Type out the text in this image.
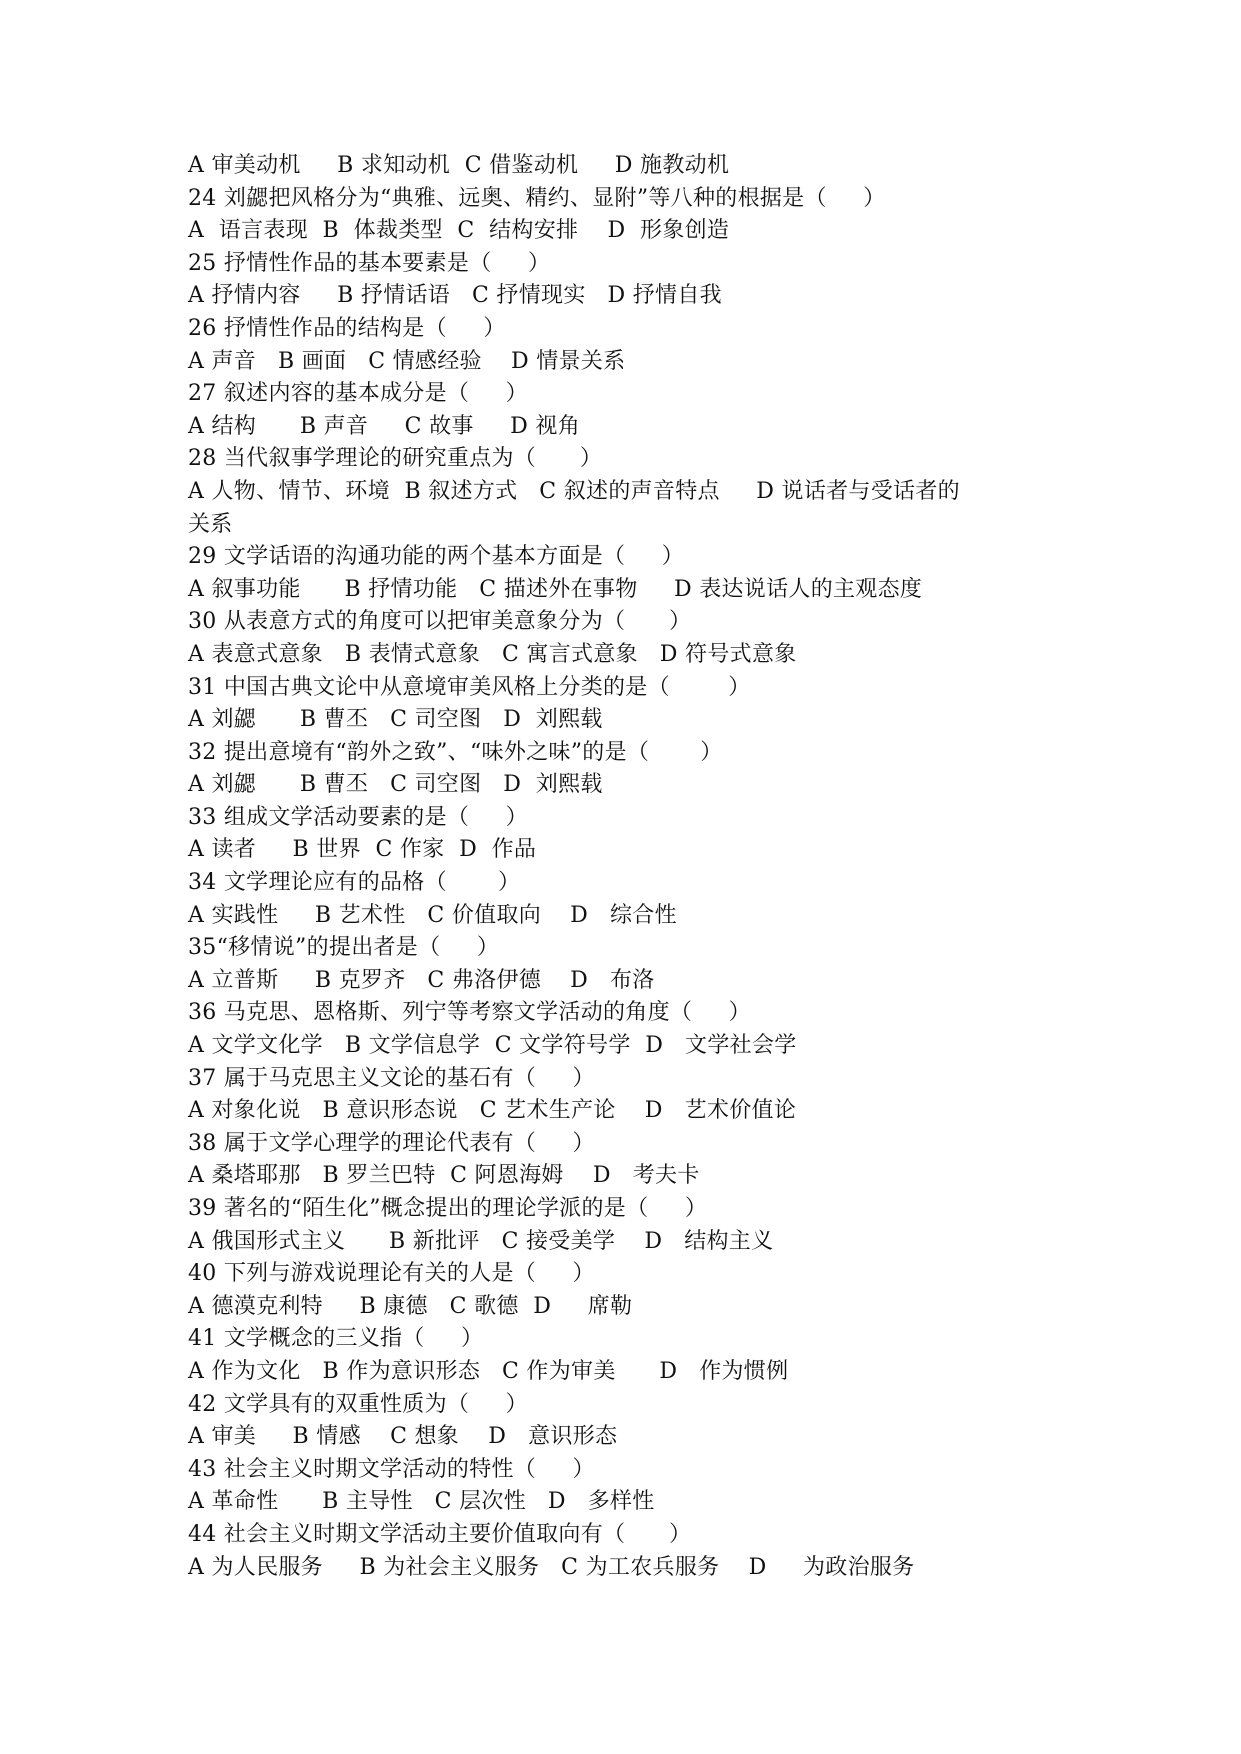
A 审美动机     B 求知动机  C 借鉴动机     D 施教动机
24 刘勰把风格分为“典雅、远奥、精约、显附”等八种的根据是（     ）
A  语言表现  B  体裁类型  C  结构安排    D  形象创造
25 抒情性作品的基本要素是（     ）
A 抒情内容     B 抒情话语   C 抒情现实   D 抒情自我
26 抒情性作品的结构是（     ）
A 声音   B 画面   C 情感经验    D 情景关系
27 叙述内容的基本成分是（     ）
A 结构      B 声音     C 故事     D 视角
28 当代叙事学理论的研究重点为（      ）
A 人物、情节、环境  B 叙述方式   C 叙述的声音特点     D 说话者与受话者的
关系
29 文学话语的沟通功能的两个基本方面是（     ）
A 叙事功能      B 抒情功能   C 描述外在事物     D 表达说话人的主观态度
30 从表意方式的角度可以把审美意象分为（      ）
A 表意式意象   B 表情式意象   C 寓言式意象   D 符号式意象
31 中国古典文论中从意境审美风格上分类的是（        ）
A 刘勰      B 曹丕   C 司空图   D  刘熙载
32 提出意境有“韵外之致”、“味外之味”的是（       ）
A 刘勰      B 曹丕   C 司空图   D  刘熙载
33 组成文学活动要素的是（     ）
A 读者     B 世界  C 作家  D  作品
34 文学理论应有的品格（       ）
A 实践性     B 艺术性   C 价值取向    D   综合性
35“移情说”的提出者是（     ）
A 立普斯     B 克罗齐   C 弗洛伊德    D   布洛
36 马克思、恩格斯、列宁等考察文学活动的角度（     ）
A 文学文化学   B 文学信息学  C 文学符号学  D   文学社会学
37 属于马克思主义文论的基石有（     ）
A 对象化说   B 意识形态说   C 艺术生产论    D   艺术价值论
38 属于文学心理学的理论代表有（     ）
A 桑塔耶那   B 罗兰巴特  C 阿恩海姆    D   考夫卡
39 著名的“陌生化”概念提出的理论学派的是（     ）
A 俄国形式主义      B 新批评   C 接受美学    D   结构主义
40 下列与游戏说理论有关的人是（     ）
A 德漠克利特     B 康德   C 歌德  D     席勒
41 文学概念的三义指（     ）
A 作为文化   B 作为意识形态   C 作为审美      D   作为惯例
42 文学具有的双重性质为（     ）
A 审美     B 情感    C 想象    D   意识形态
43 社会主义时期文学活动的特性（     ）
A 革命性      B 主导性   C 层次性   D   多样性
44 社会主义时期文学活动主要价值取向有（      ）
A 为人民服务     B 为社会主义服务   C 为工农兵服务    D     为政治服务
